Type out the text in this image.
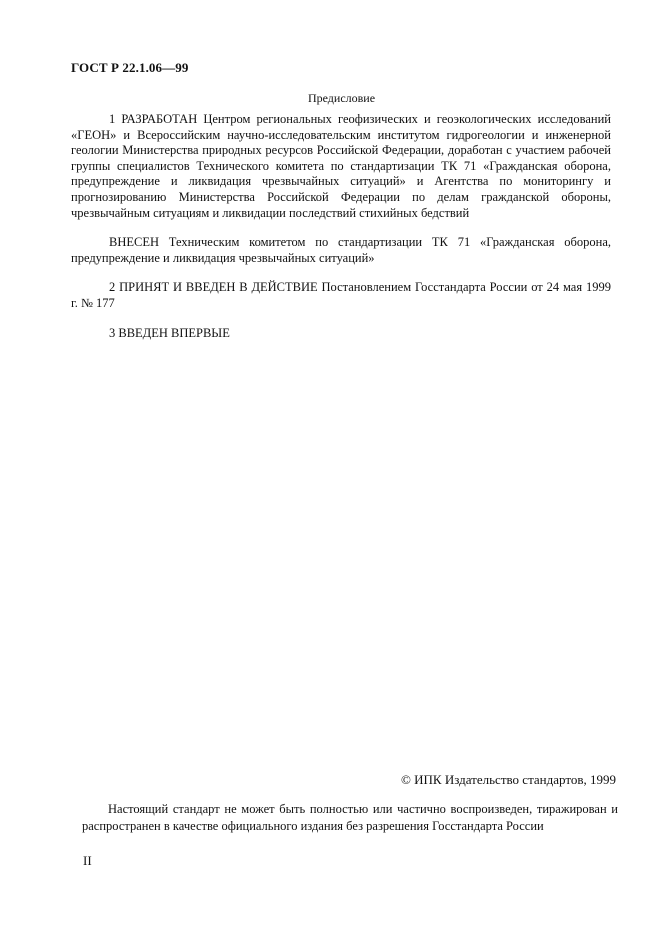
ГОСТ Р 22.1.06—99
Предисловие

1 РАЗРАБОТАН Центром региональных геофизических и геоэкологических исследований «ГЕОН» и Всероссийским научно-исследовательским институтом гидрогеологии и инженерной геологии Министерства природных ресурсов Российской Федерации, доработан с участием рабочей группы специалистов Технического комитета по стандартизации ТК 71 «Гражданская оборона, предупреждение и ликвидация чрезвычайных ситуаций» и Агентства по мониторингу и прогнозированию Министерства Российской Федерации по делам гражданской обороны, чрезвычайным ситуациям и ликвидации последствий стихийных бедствий

ВНЕСЕН Техническим комитетом по стандартизации ТК 71 «Гражданская оборона, предупреждение и ликвидация чрезвычайных ситуаций»

2 ПРИНЯТ И ВВЕДЕН В ДЕЙСТВИЕ Постановлением Госстандарта России от 24 мая 1999 г. № 177

3 ВВЕДЕН ВПЕРВЫЕ

© ИПК Издательство стандартов, 1999

Настоящий стандарт не может быть полностью или частично воспроизведен, тиражирован и распространен в качестве официального издания без разрешения Госстандарта России

II
